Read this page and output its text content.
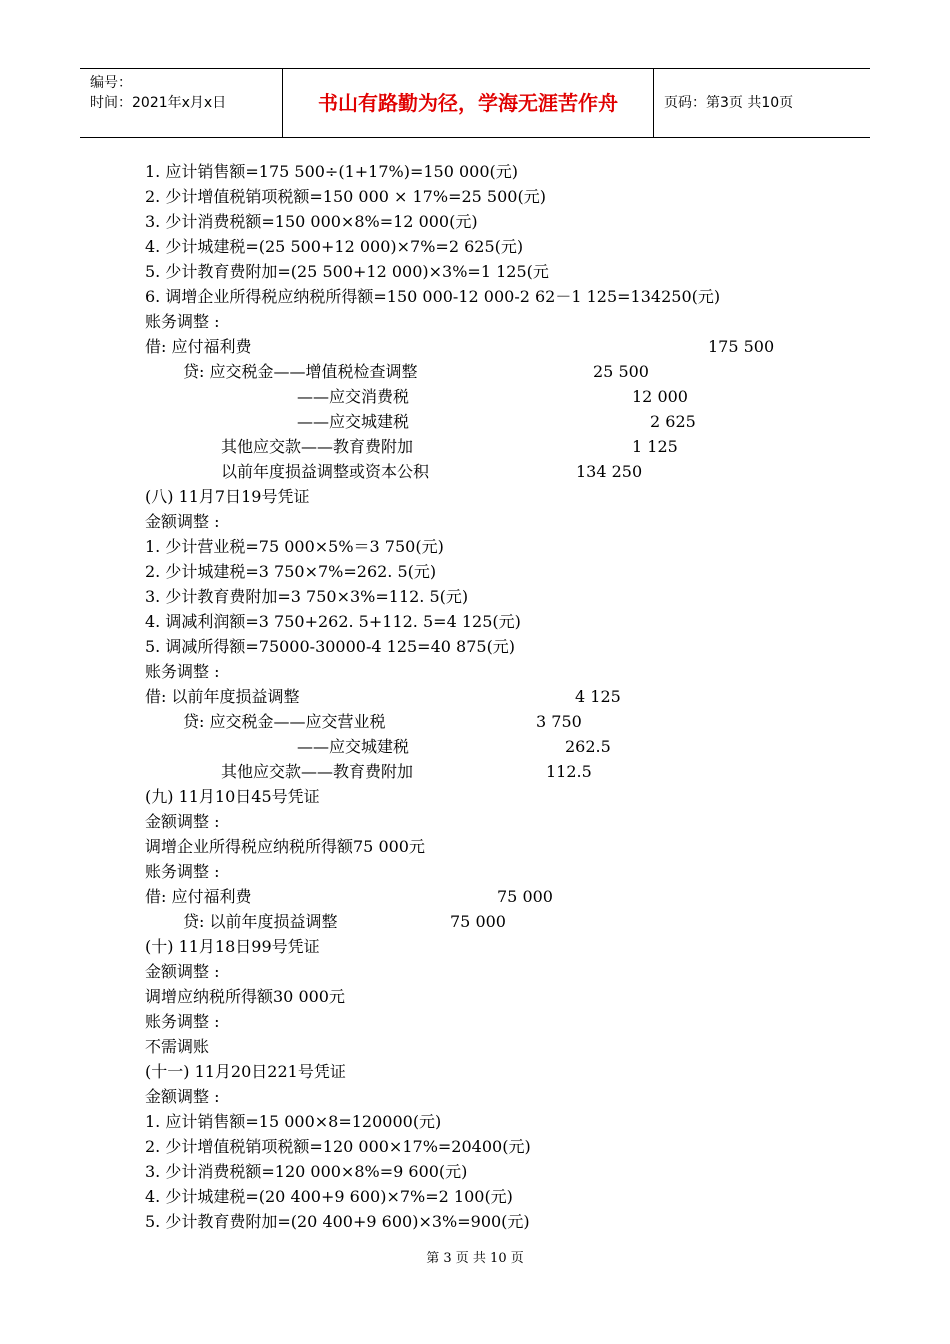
编号：
时间：2021年x月x日	书山有路勤为径，学海无涯苦作舟	页码：第3页 共10页
1. 应计销售额=175 500÷(1+17%)=150 000(元)
2. 少计增值税销项税额=150 000 × 17%=25 500(元)
3. 少计消费税额=150 000×8%=12 000(元)
4. 少计城建税=(25 500+12 000)×7%=2 625(元)
5. 少计教育费附加=(25 500+12 000)×3%=1 125(元
6. 调增企业所得税应纳税所得额=150 000-12 000-2 62－1 125=134250(元)
账务调整 :
借: 应付福利费	175 500
贷: 应交税金——增值税检查调整	25 500
——应交消费税	12 000
——应交城建税	2 625
其他应交款——教育费附加	1 125
以前年度损益调整或资本公积	134 250
(八) 11月7日19号凭证
金额调整 :
1. 少计营业税=75 000×5%＝3 750(元)
2. 少计城建税=3 750×7%=262. 5(元)
3. 少计教育费附加=3 750×3%=112. 5(元)
4. 调减利润额=3 750+262. 5+112. 5=4 125(元)
5. 调减所得额=75000-30000-4 125=40 875(元)
账务调整 :
借: 以前年度损益调整	4 125
贷: 应交税金——应交营业税	3 750
——应交城建税	262.5
其他应交款——教育费附加	112.5
(九) 11月10日45号凭证
金额调整 :
调增企业所得税应纳税所得额75 000元
账务调整 :
借: 应付福利费	75 000
贷: 以前年度损益调整	75 000
(十) 11月18日99号凭证
金额调整 :
调增应纳税所得额30 000元
账务调整 :
不需调账
(十一) 11月20日221号凭证
金额调整 :
1. 应计销售额=15 000×8=120000(元)
2. 少计增值税销项税额=120 000×17%=20400(元)
3. 少计消费税额=120 000×8%=9 600(元)
4. 少计城建税=(20 400+9 600)×7%=2 100(元)
5. 少计教育费附加=(20 400+9 600)×3%=900(元)
第 3 页 共 10 页
